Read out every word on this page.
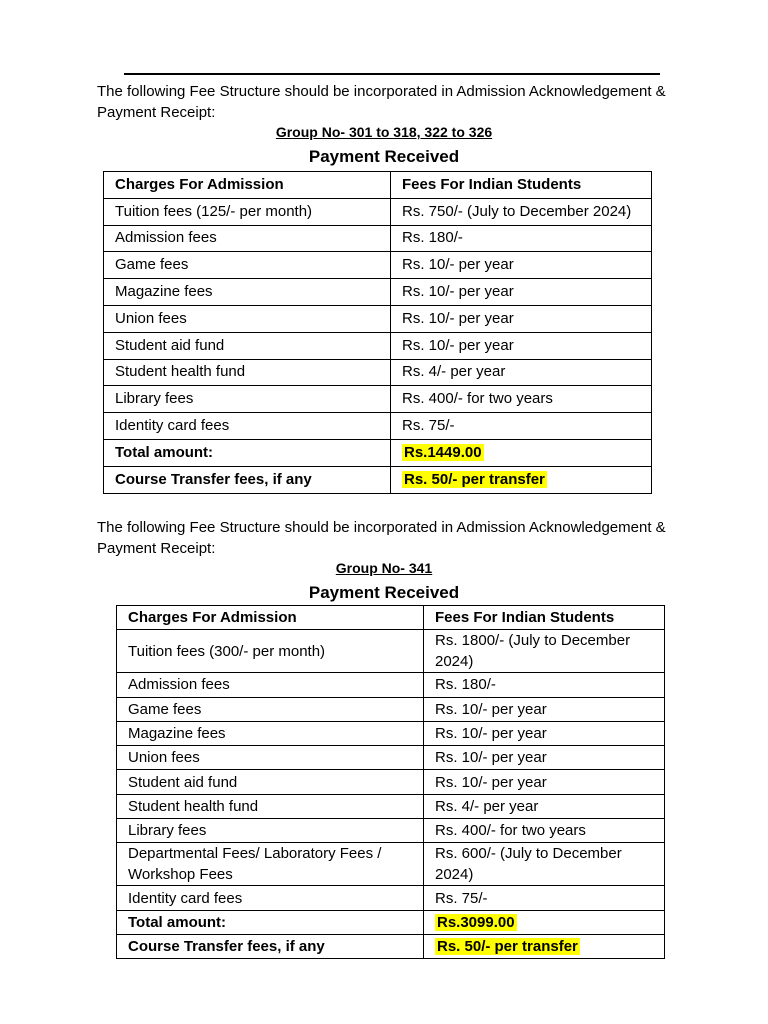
The following Fee Structure should be incorporated in Admission Acknowledgement & Payment Receipt:
Group No- 301 to 318, 322 to 326
Payment Received
Charges For Admission	Fees For Indian Students
Tuition fees (125/- per month)	Rs. 750/- (July to December 2024)
Admission fees	Rs. 180/-
Game fees	Rs. 10/- per year
Magazine fees	Rs. 10/- per year
Union fees	Rs. 10/- per year
Student aid fund	Rs. 10/- per year
Student health fund	Rs. 4/- per year
Library fees	Rs. 400/- for two years
Identity card fees	Rs. 75/-
Total amount:	Rs.1449.00
Course Transfer fees, if any	Rs. 50/- per transfer
The following Fee Structure should be incorporated in Admission Acknowledgement & Payment Receipt:
Group No- 341
Payment Received
Charges For Admission	Fees For Indian Students
Tuition fees (300/- per month)	Rs. 1800/- (July to December 2024)
Admission fees	Rs. 180/-
Game fees	Rs. 10/- per year
Magazine fees	Rs. 10/- per year
Union fees	Rs. 10/- per year
Student aid fund	Rs. 10/- per year
Student health fund	Rs. 4/- per year
Library fees	Rs. 400/- for two years
Departmental Fees/ Laboratory Fees / Workshop Fees	Rs. 600/- (July to December 2024)
Identity card fees	Rs. 75/-
Total amount:	Rs.3099.00
Course Transfer fees, if any	Rs. 50/- per transfer
